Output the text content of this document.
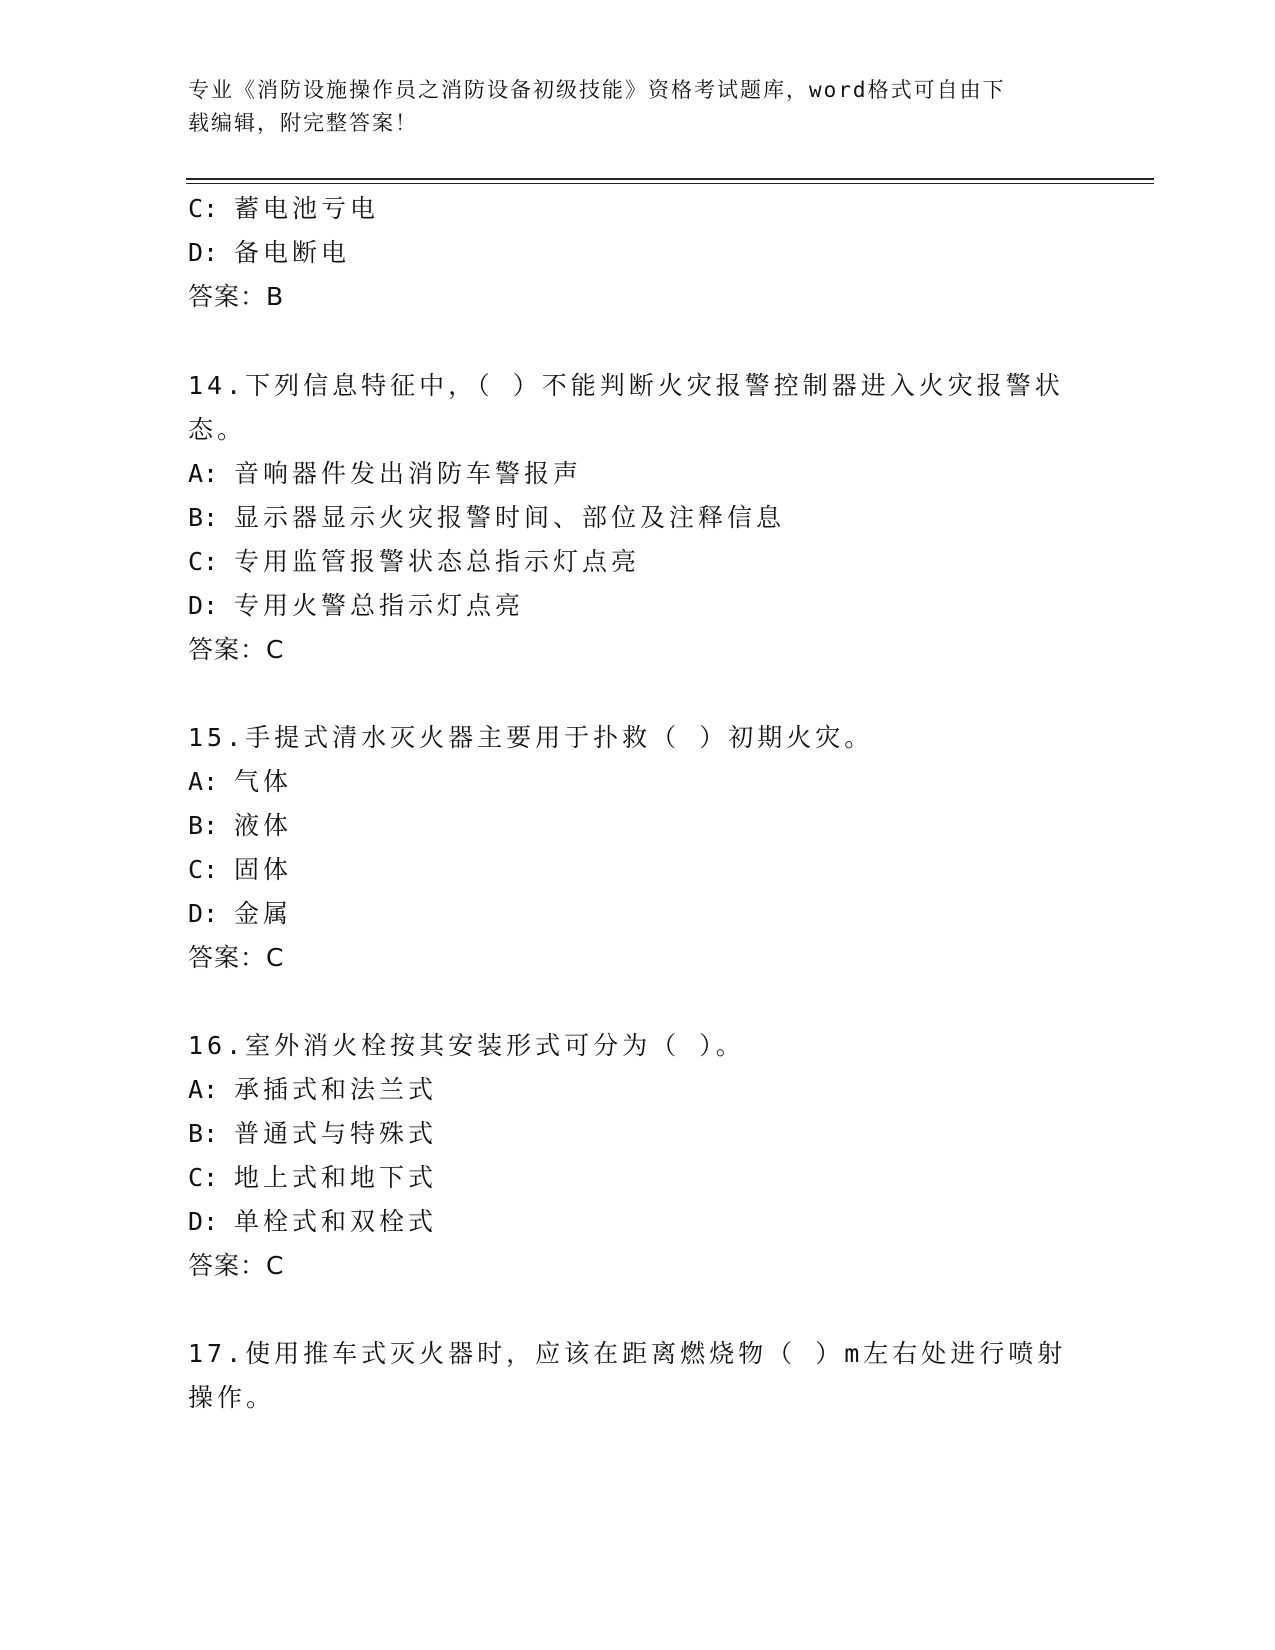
专业《消防设施操作员之消防设备初级技能》资格考试题库，word格式可自由下
载编辑，附完整答案！
C: 蓄电池亏电
D: 备电断电
答案：B
14.下列信息特征中，（ ）不能判断火灾报警控制器进入火灾报警状
态。
A: 音响器件发出消防车警报声
B: 显示器显示火灾报警时间、部位及注释信息
C: 专用监管报警状态总指示灯点亮
D: 专用火警总指示灯点亮
答案：C
15.手提式清水灭火器主要用于扑救（ ）初期火灾。
A: 气体
B: 液体
C: 固体
D: 金属
答案：C
16.室外消火栓按其安装形式可分为（ ）。
A: 承插式和法兰式
B: 普通式与特殊式
C: 地上式和地下式
D: 单栓式和双栓式
答案：C
17.使用推车式灭火器时，应该在距离燃烧物（ ）m左右处进行喷射
操作。
